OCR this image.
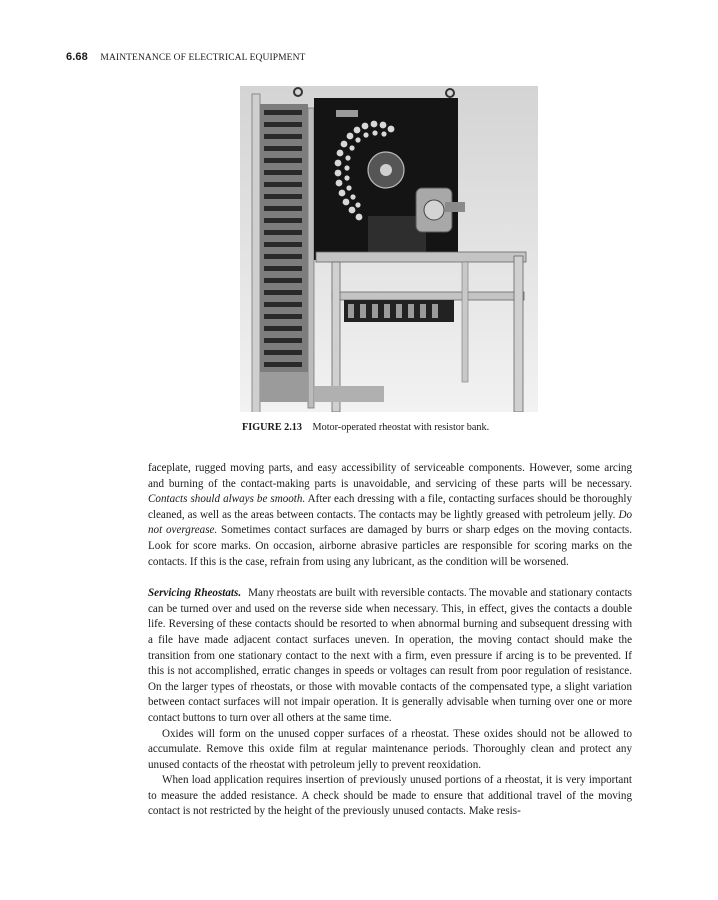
6.68 MAINTENANCE OF ELECTRICAL EQUIPMENT
FIGURE 2.13 Motor-operated rheostat with resistor bank.

faceplate, rugged moving parts, and easy accessibility of serviceable components. However, some arcing and burning of the contact-making parts is unavoidable, and servicing of these parts will be necessary. Contacts should always be smooth. After each dressing with a file, contacting surfaces should be thoroughly cleaned, as well as the areas between contacts. The contacts may be lightly greased with petroleum jelly. Do not overgrease. Sometimes contact surfaces are damaged by burrs or sharp edges on the moving contacts. Look for score marks. On occasion, airborne abrasive particles are responsible for scoring marks on the contacts. If this is the case, refrain from using any lubricant, as the condition will be worsened.

Servicing Rheostats. Many rheostats are built with reversible contacts. The movable and stationary contacts can be turned over and used on the reverse side when necessary. This, in effect, gives the contacts a double life. Reversing of these contacts should be resorted to when abnormal burning and subsequent dressing with a file have made adjacent contact surfaces uneven. In operation, the moving contact should make the transition from one stationary contact to the next with a firm, even pressure if arcing is to be prevented. If this is not accomplished, erratic changes in speeds or voltages can result from poor regulation of resistance. On the larger types of rheostats, or those with movable contacts of the compensated type, a slight variation between contact surfaces will not impair operation. It is generally advisable when turning over one or more contact buttons to turn over all others at the same time.

Oxides will form on the unused copper surfaces of a rheostat. These oxides should not be allowed to accumulate. Remove this oxide film at regular maintenance periods. Thoroughly clean and protect any unused contacts of the rheostat with petroleum jelly to prevent reoxidation.

When load application requires insertion of previously unused portions of a rheostat, it is very important to measure the added resistance. A check should be made to ensure that additional travel of the moving contact is not restricted by the height of the previously unused contacts. Make resis-
